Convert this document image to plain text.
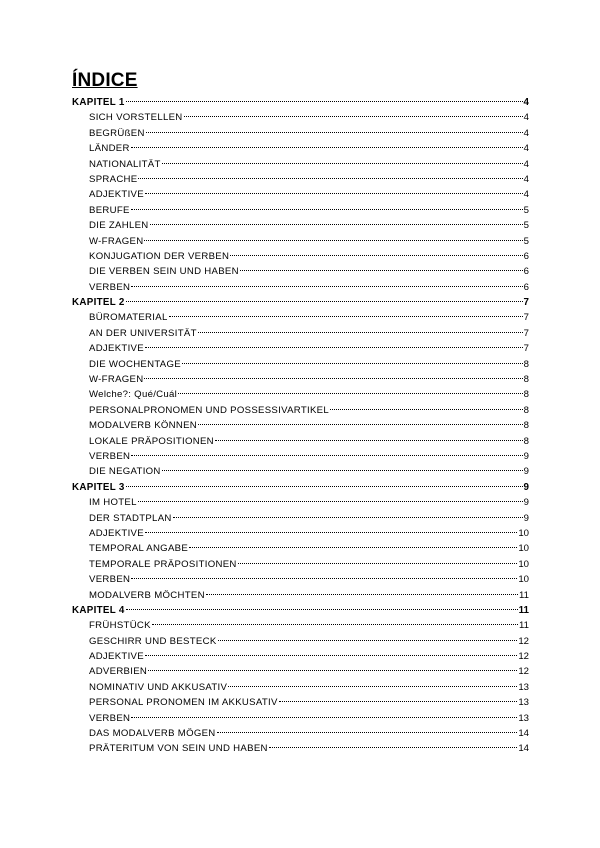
ÍNDICE
KAPITEL 1	4
SICH VORSTELLEN	4
BEGRÜßEN	4
LÄNDER	4
NATIONALITÄT	4
SPRACHE	4
ADJEKTIVE	4
BERUFE	5
DIE ZAHLEN	5
W-FRAGEN	5
KONJUGATION DER VERBEN	6
DIE VERBEN SEIN UND HABEN	6
VERBEN	6
KAPITEL 2	7
BÜROMATERIAL	7
AN DER UNIVERSITÄT	7
ADJEKTIVE	7
DIE WOCHENTAGE	8
W-FRAGEN	8
Welche?: Qué/Cuál	8
PERSONALPRONOMEN UND POSSESSIVARTIKEL	8
MODALVERB KÖNNEN	8
LOKALE PRÄPOSITIONEN	8
VERBEN	9
DIE NEGATION	9
KAPITEL 3	9
IM HOTEL	9
DER STADTPLAN	9
ADJEKTIVE	10
TEMPORAL ANGABE	10
TEMPORALE PRÄPOSITIONEN	10
VERBEN	10
MODALVERB MÖCHTEN	11
KAPITEL 4	11
FRÜHSTÜCK	11
GESCHIRR UND BESTECK	12
ADJEKTIVE	12
ADVERBIEN	12
NOMINATIV UND AKKUSATIV	13
PERSONAL PRONOMEN IM AKKUSATIV	13
VERBEN	13
DAS MODALVERB MÖGEN	14
PRÄTERITUM VON SEIN UND HABEN	14
